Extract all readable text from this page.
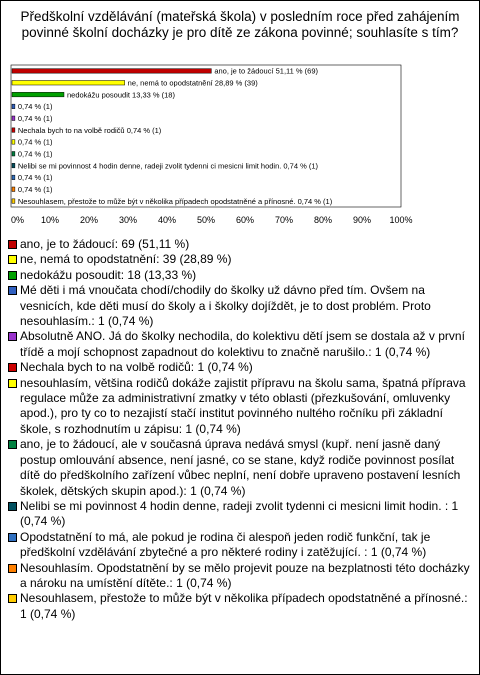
Předškolní vzdělávání (mateřská škola) v posledním roce před zahájením povinné školní docházky je pro dítě ze zákona povinné; souhlasíte s tím?
0% 10% 20% 30% 40% 50% 60% 70% 80% 90% 100%
ano, je to žádoucí 51,11 % (69)
ne, nemá to opodstatnění 28,89 % (39)
nedokážu posoudit 13,33 % (18)
0,74 % (1)
0,74 % (1)
Nechala bych to na volbě rodičů 0,74 % (1)
0,74 % (1)
0,74 % (1)
Nelibi se mi povinnost 4 hodin denne, radeji zvolit tydenni ci mesicni limit hodin. 0,74 % (1)
0,74 % (1)
0,74 % (1)
Nesouhlasem, přestože to může být v několika případech opodstatněné a přínosné. 0,74 % (1)
ano, je to žádoucí: 69 (51,11 %)
ne, nemá to opodstatnění: 39 (28,89 %)
nedokážu posoudit: 18 (13,33 %)
Mé děti i má vnoučata chodí/chodily do školky už dávno před tím. Ovšem na vesnicích, kde děti musí do školy a i školky dojíždět, je to dost problém. Proto nesouhlasím.: 1 (0,74 %)
Absolutně ANO. Já do školky nechodila, do kolektivu dětí jsem se dostala až v první třídě a mojí schopnost zapadnout do kolektivu to značně narušilo.: 1 (0,74 %)
Nechala bych to na volbě rodičů: 1 (0,74 %)
nesouhlasím, většina rodičů dokáže zajistit přípravu na školu sama, špatná příprava regulace může za administrativní zmatky v této oblasti (přezkušování, omluvenky apod.), pro ty co to nezajistí stačí institut povinného nultého ročníku při základní škole, s rozhodnutím u zápisu: 1 (0,74 %)
ano, je to žádoucí, ale v současná úprava nedává smysl (kupř. není jasně daný postup omlouvání absence, není jasné, co se stane, když rodiče povinnost posílat dítě do předškolního zařízení vůbec neplní, není dobře upraveno postavení lesních školek, dětských skupin apod.): 1 (0,74 %)
Nelibi se mi povinnost 4 hodin denne, radeji zvolit tydenni ci mesicni limit hodin. : 1 (0,74 %)
Opodstatnění to má, ale pokud je rodina či alespoň jeden rodič funkční, tak je předškolní vzdělávání zbytečné a pro některé rodiny i zatěžující. : 1 (0,74 %)
Nesouhlasím. Opodstatnění by se mělo projevit pouze na bezplatnosti této docházky a nároku na umístění dítěte.: 1 (0,74 %)
Nesouhlasem, přestože to může být v několika případech opodstatněné a přínosné.: 1 (0,74 %)
